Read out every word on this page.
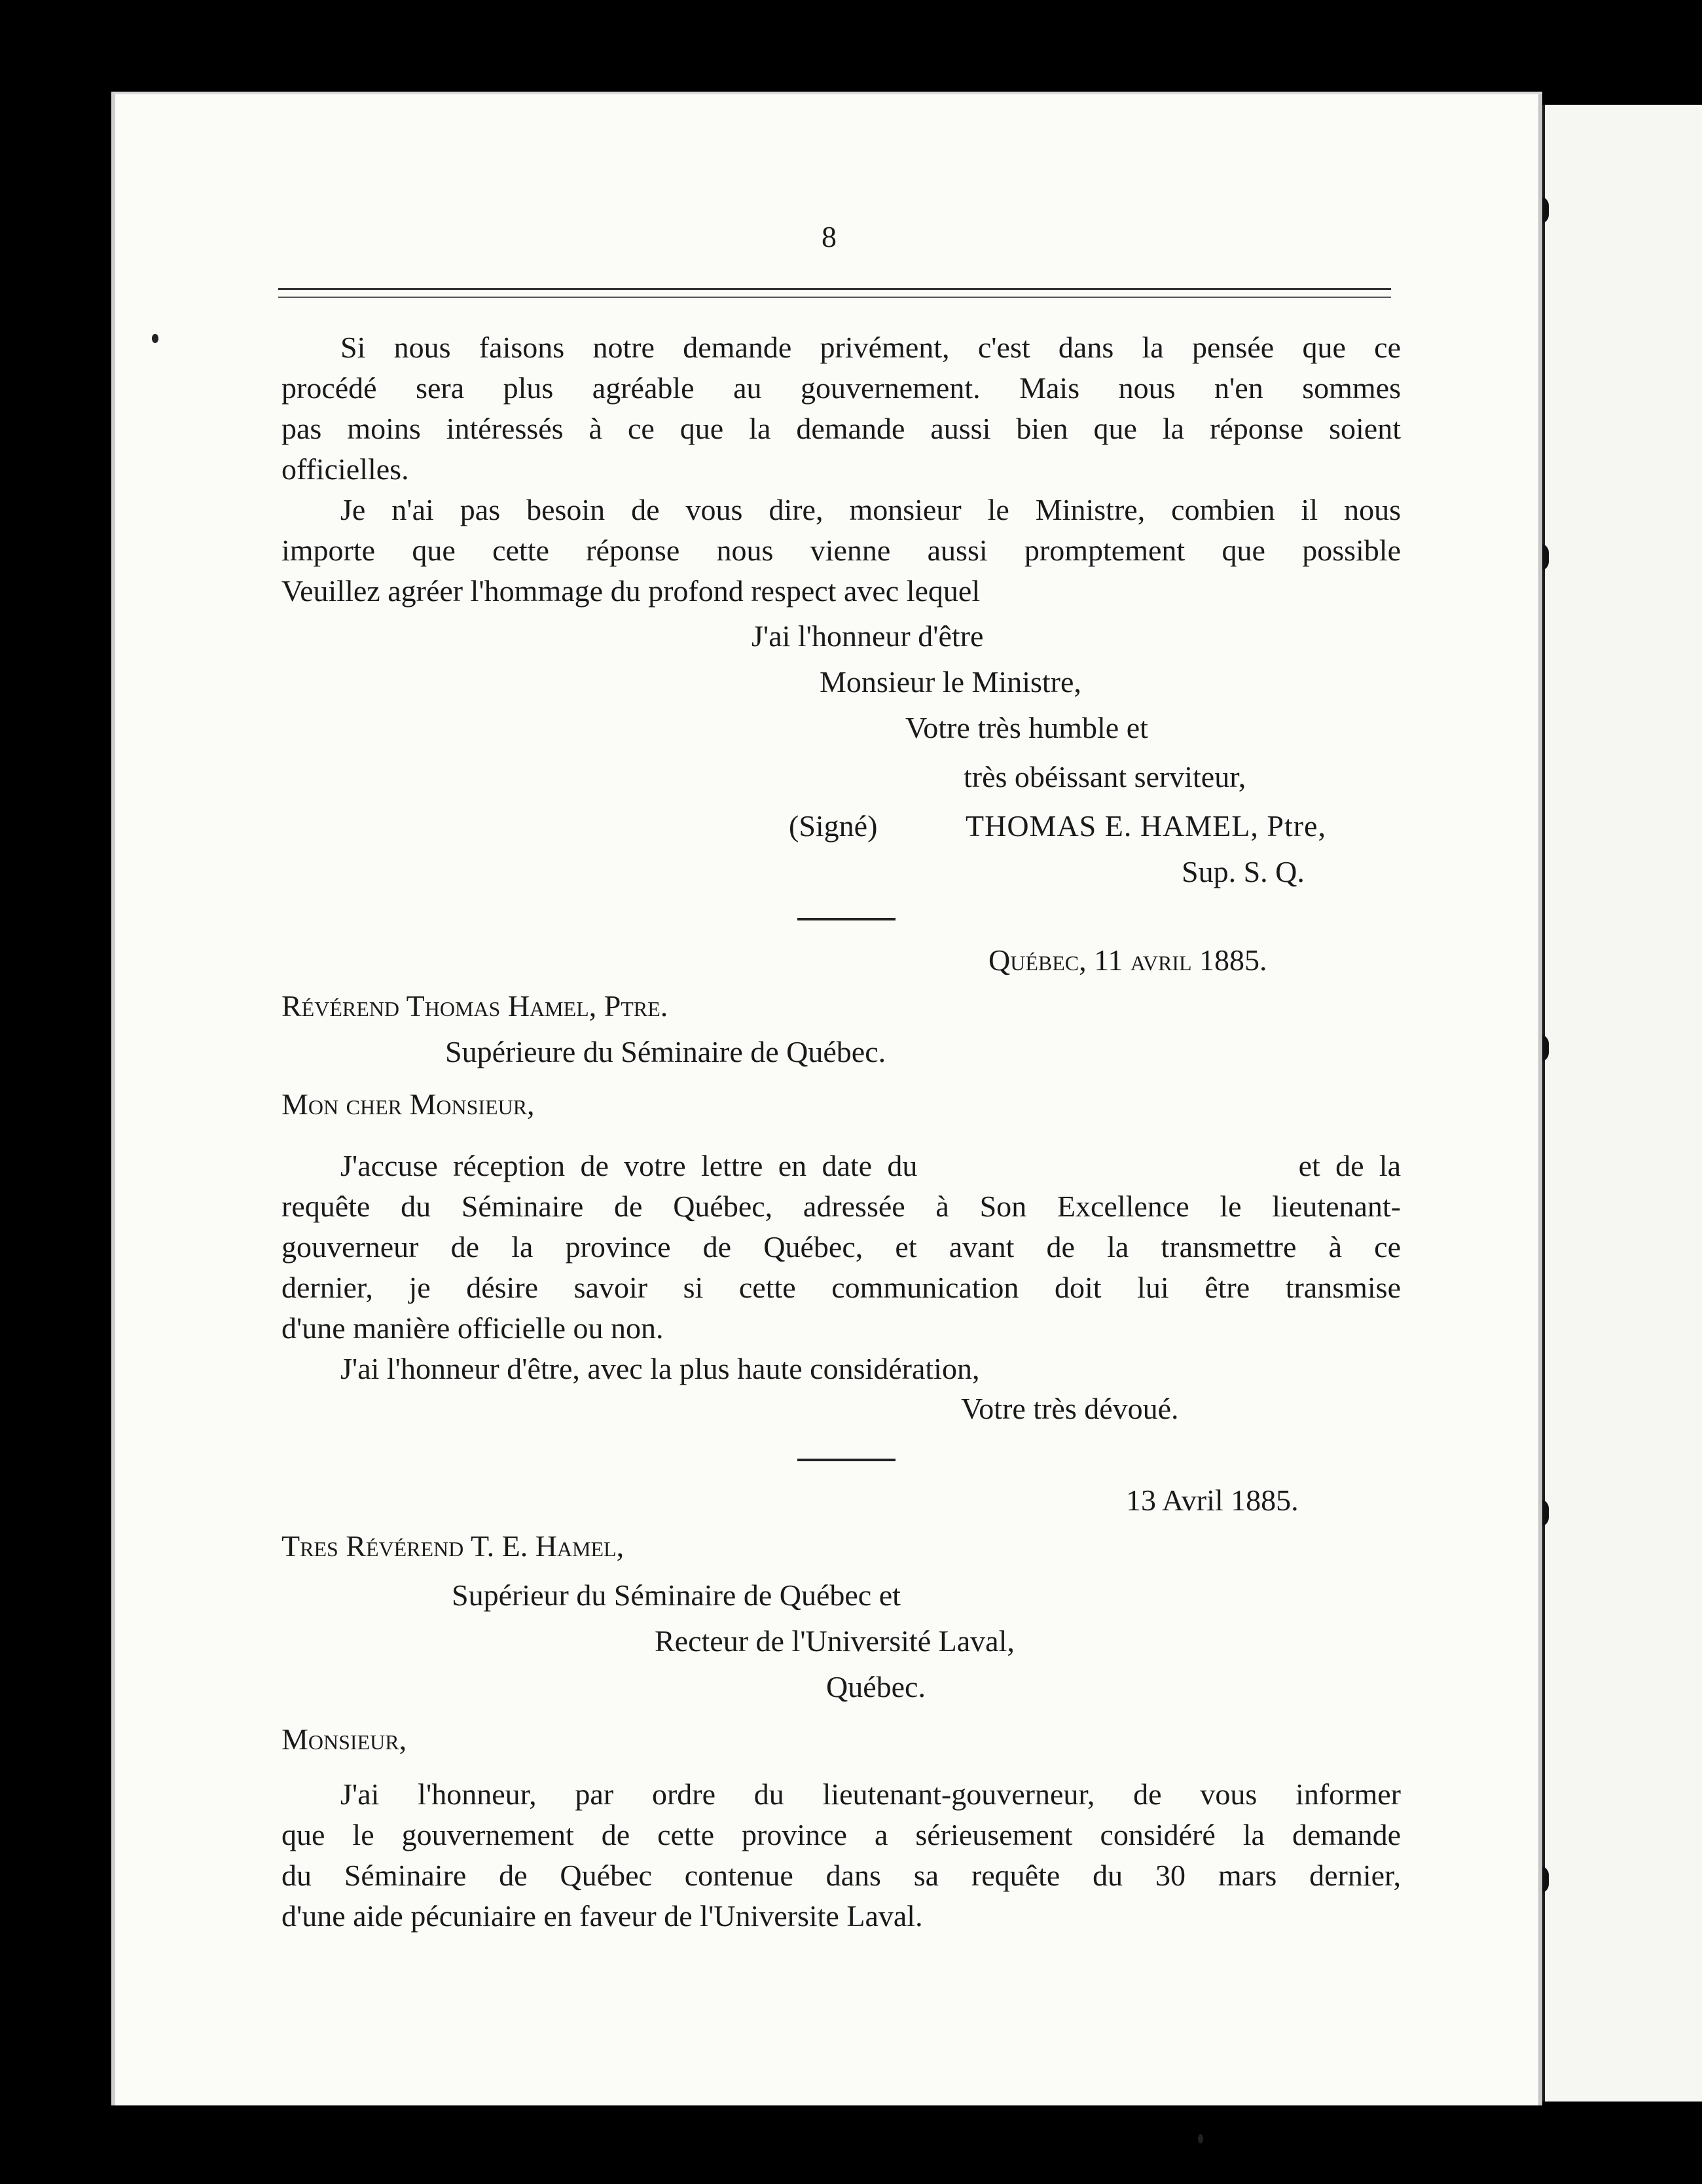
8

Si nous faisons notre demande privément, c'est dans la pensée que ce

procédé sera plus agréable au gouvernement. Mais nous n'en sommes

pas moins intéressés à ce que la demande aussi bien que la réponse soient

officielles.

Je n'ai pas besoin de vous dire, monsieur le Ministre, combien il nous

importe que cette réponse nous vienne aussi promptement que possible

Veuillez agréer l'hommage du profond respect avec lequel

J'ai l'honneur d'être

Monsieur le Ministre,

Votre très humble et

très obéissant serviteur,

(Signé)	THOMAS E. HAMEL, Ptre,

Sup. S. Q.

Québec, 11 avril 1885.

Révérend Thomas Hamel, Ptre.

Supérieure du Séminaire de Québec.

Mon cher Monsieur,

J'accuse réception de votre lettre en date du                         et de la

requête du Séminaire de Québec, adressée à Son Excellence le lieutenant-

gouverneur de la province de Québec, et avant de la transmettre à ce

dernier, je désire savoir si cette communication doit lui être transmise

d'une manière officielle ou non.

J'ai l'honneur d'être, avec la plus haute considération,

Votre très dévoué.

13 Avril 1885.

Tres Révérend T. E. Hamel,

Supérieur du Séminaire de Québec et

Recteur de l'Université Laval,

Québec.

Monsieur,

J'ai l'honneur, par ordre du lieutenant-gouverneur, de vous informer

que le gouvernement de cette province a sérieusement considéré la demande

du Séminaire de Québec contenue dans sa requête du 30 mars dernier,

d'une aide pécuniaire en faveur de l'Universite Laval.
